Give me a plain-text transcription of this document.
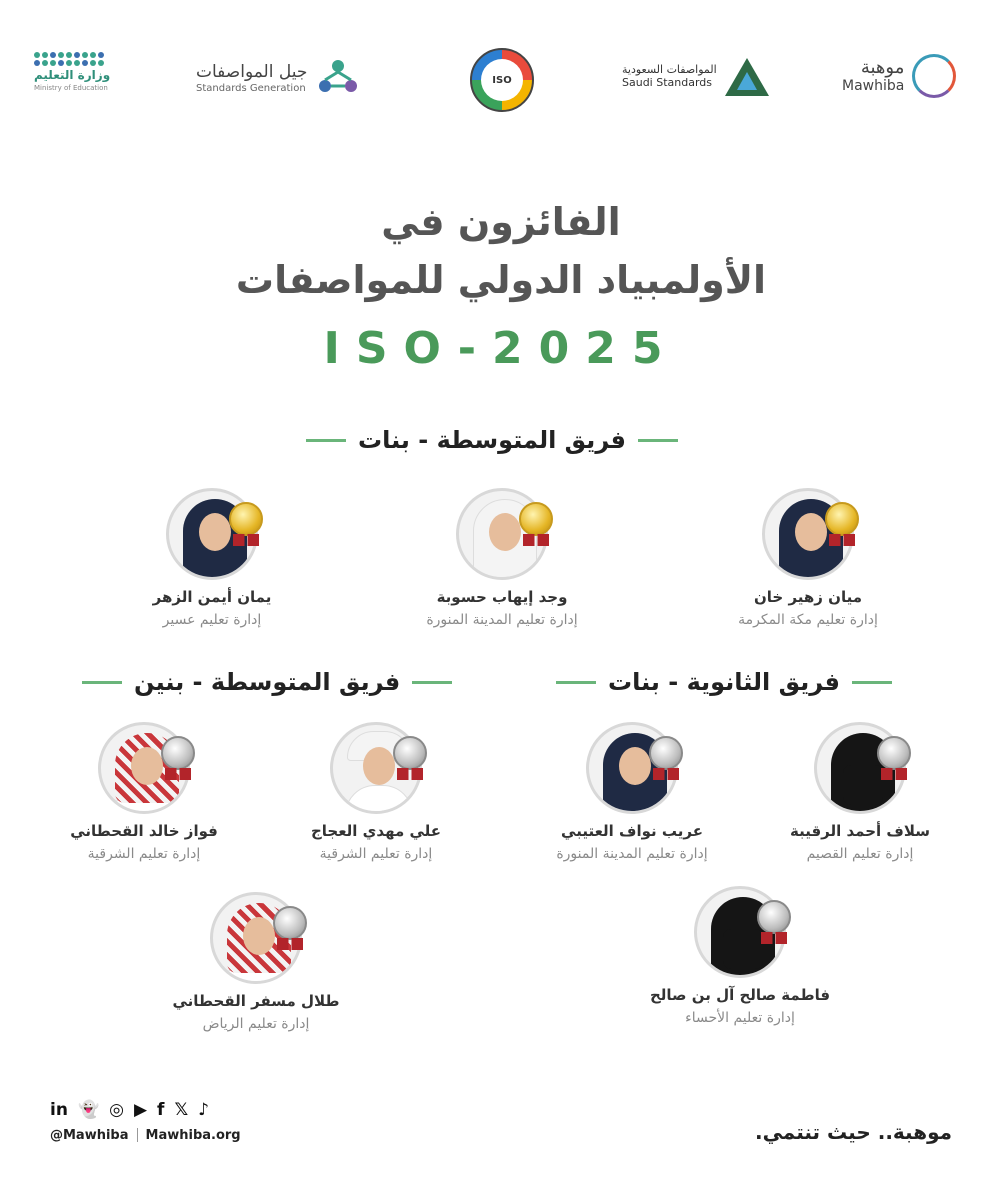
وزارة التعليم
Ministry of Education
جيل المواصفات
Standards Generation
ISO
المواصفات السعودية
Saudi Standards
موهبة
Mawhiba
الفائزون في
الأولمبياد الدولي للمواصفات
ISO-2025
فريق المتوسطة - بنات
ميان زهير خان
إدارة تعليم مكة المكرمة
وجد إيهاب حسوبة
إدارة تعليم المدينة المنورة
يمان أيمن الزهر
إدارة تعليم عسير
فريق الثانوية - بنات
فريق المتوسطة - بنين
سلاف أحمد الرقيبة
إدارة تعليم القصيم
عريب نواف العتيبي
إدارة تعليم المدينة المنورة
فاطمة صالح آل بن صالح
إدارة تعليم الأحساء
علي مهدي العجاج
إدارة تعليم الشرقية
فواز خالد القحطاني
إدارة تعليم الشرقية
طلال مسفر القحطاني
إدارة تعليم الرياض
in 👻 ◎ ▶ f 𝕏 ♪
@Mawhiba Mawhiba.org	موهبة.. حيث تنتمي.
